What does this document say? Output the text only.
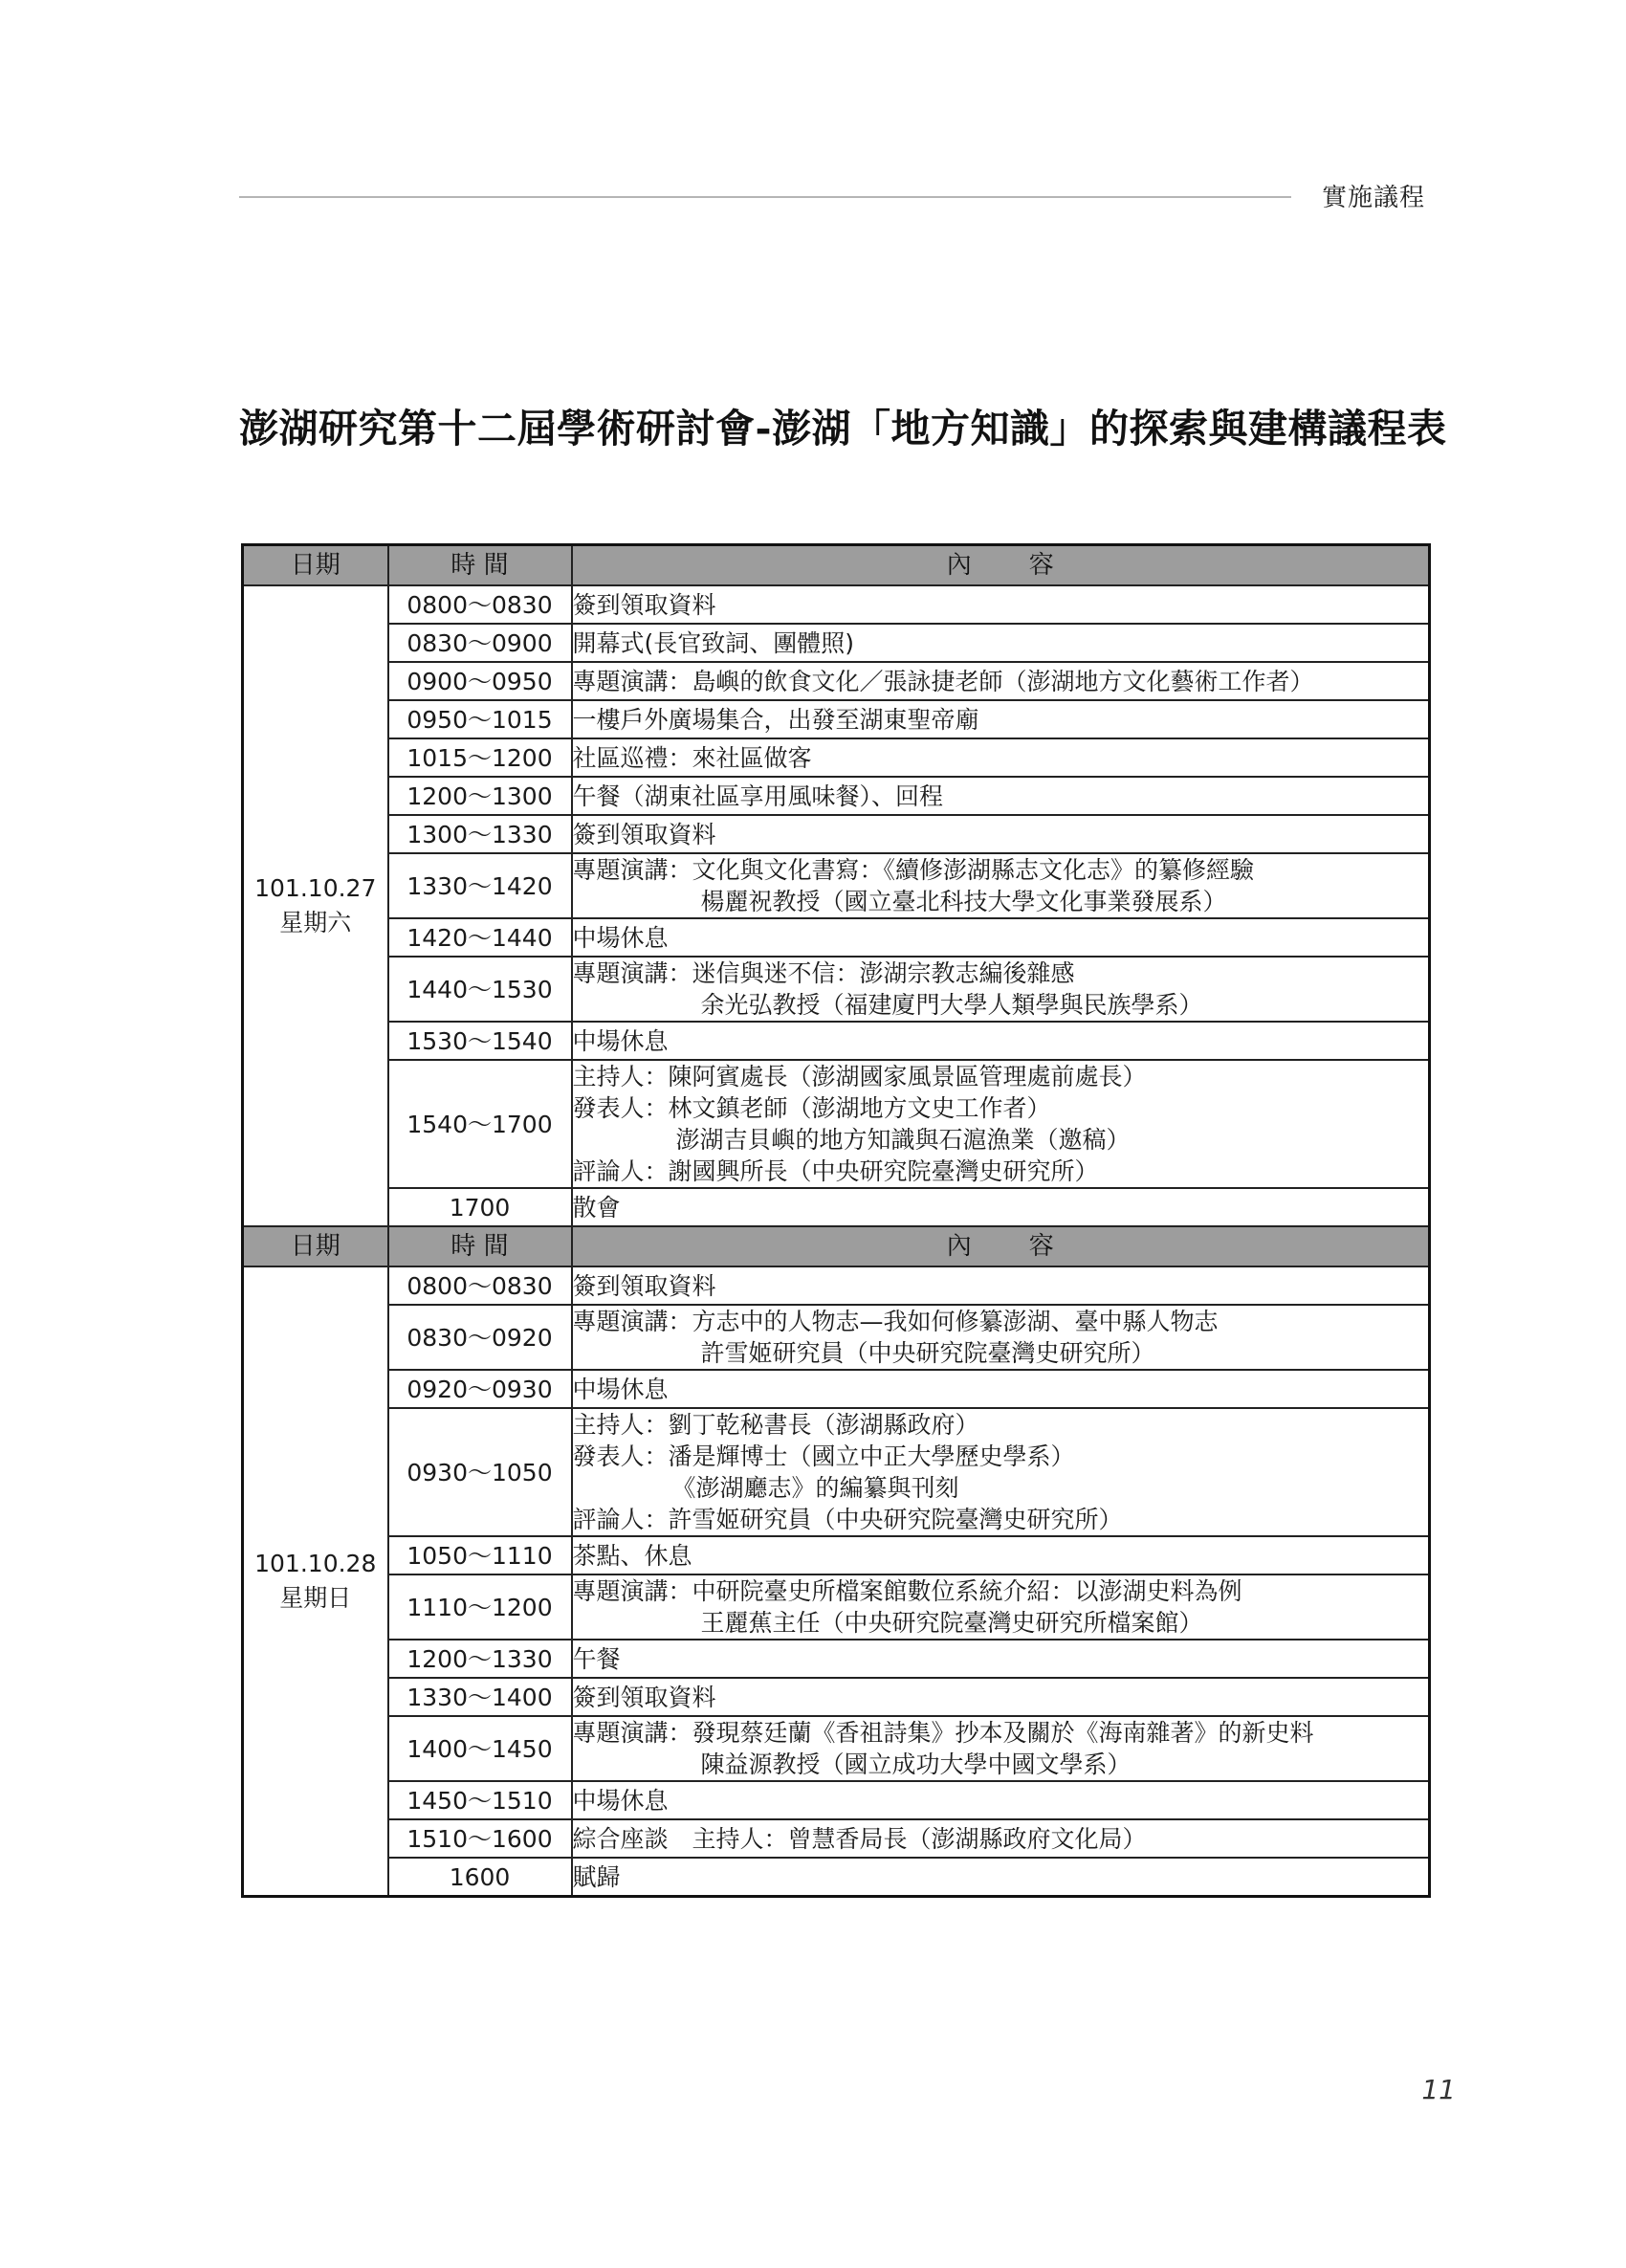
實施議程
澎湖研究第十二屆學術研討會-澎湖「地方知識」的探索與建構議程表
日期	時 間	內容

101.10.27
星期六	0800～0830	簽到領取資料

	0830～0900	開幕式(長官致詞、團體照)

	0900～0950	專題演講：島嶼的飲食文化／張詠捷老師（澎湖地方文化藝術工作者）

	0950～1015	一樓戶外廣場集合，出發至湖東聖帝廟

	1015～1200	社區巡禮：來社區做客

	1200～1300	午餐（湖東社區享用風味餐）、回程

	1300～1330	簽到領取資料

	1330～1420	專題演講：文化與文化書寫：《續修澎湖縣志文化志》的纂修經驗
楊麗祝教授（國立臺北科技大學文化事業發展系）

	1420～1440	中場休息

	1440～1530	專題演講：迷信與迷不信：澎湖宗教志編後雜感
余光弘教授（福建廈門大學人類學與民族學系）

	1530～1540	中場休息

	1540～1700	主持人：陳阿賓處長（澎湖國家風景區管理處前處長）
發表人：林文鎮老師（澎湖地方文史工作者）
澎湖吉貝嶼的地方知識與石滬漁業（邀稿）
評論人：謝國興所長（中央研究院臺灣史研究所）

	1700	散會

日期	時 間	內容

101.10.28
星期日	0800～0830	簽到領取資料

	0830～0920	專題演講：方志中的人物志—我如何修纂澎湖、臺中縣人物志
許雪姬研究員（中央研究院臺灣史研究所）

	0920～0930	中場休息

	0930～1050	主持人：劉丁乾秘書長（澎湖縣政府）
發表人：潘是輝博士（國立中正大學歷史學系）
《澎湖廳志》的編纂與刊刻
評論人：許雪姬研究員（中央研究院臺灣史研究所）

	1050～1110	茶點、休息

	1110～1200	專題演講：中研院臺史所檔案館數位系統介紹：以澎湖史料為例
王麗蕉主任（中央研究院臺灣史研究所檔案館）

	1200～1330	午餐

	1330～1400	簽到領取資料

	1400～1450	專題演講：發現蔡廷蘭《香祖詩集》抄本及關於《海南雜著》的新史料
陳益源教授（國立成功大學中國文學系）

	1450～1510	中場休息

	1510～1600	綜合座談　主持人：曾慧香局長（澎湖縣政府文化局）

	1600	賦歸
11
